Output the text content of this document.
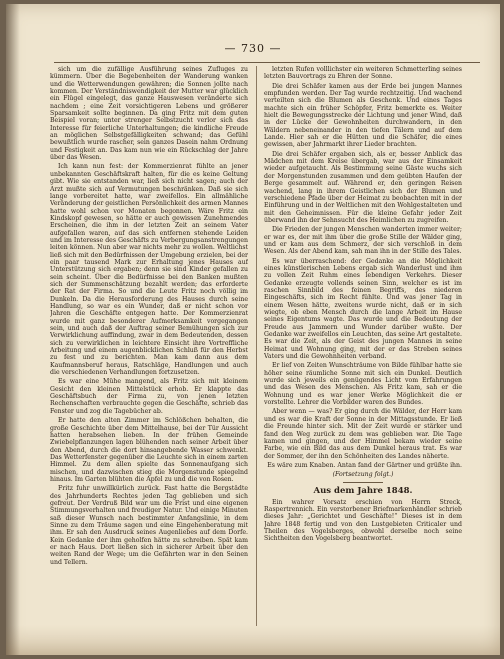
— 730 —

sich um die zufällige Ausführung seines Zufluges zu kümmern. Über die Begebenheiten der Wanderung wanken und die Wetterwendungen gewähren; die Sonnen jollte nach kommen. Der Verständniswendigkeit der Mutter war glücklich ein Flügel eingelegt, das ganze Hauswesen veränderte sich nachdem ; eine Zeit vorsichtigeren Lebens und größerer Sparsamkeit sollte beginnen. Da ging Fritz mit dem guten Beispiel voran; unter strenger Selbstzucht verlor sich das Interesse für feierliche Unterhaltungen; die kindliche Freude an möglichen Selbstgefälligkeiten schwand; das Gefühl bewußtlich wurde rascher, sein ganzes Dasein nahm Ordnung und Festigkeit an. Das kam nun wie ein Rückschlag der Jahre über das Wesen.

Ich kann nun fest: der Kommerzienrat fühlte an jener unbekannten Geschäftskraft halten, für die es keine Geltung gibt. Wie sie entstanden war, ließ sich nicht sagen; auch der Arzt mußte sich auf Vermutungen beschränken. Daß sie sich lange vorbereitet hatte, war zweifellos. Ein allmähliche Veränderung der geistlichen Persönlichkeit des armen Mannes hatte wohl schon vor Monaten begonnen. Wäre Fritz ein Kindskopf gewesen, so hätte er auch gewissen Zunehmendes Erscheinen, die ihm in der letzten Zeit an seinem Vater aufgefallen waren, auf das sich entfernen stehende Leiden und im Interesse des Geschäfts zu Verbergungsanstrengungen leiten können. Nun aber war nichts mehr zu wollen. Weltlichst ließ sich mit den Bedürfnissen der Umgebung erzielen, bei der ein paar tausend Mark zur Erhaltung jenes Hauses auf Unterstützung sich ergaben; denn sie sind Kinder gefallen zu sein scheint. Über die Bedürfnisse bei den Banken mußten sich der Summenschätzung bezahlt werden; das erforderte der Rat der Firma. So und die Leute Fritz noch völlig im Dunkeln. Da die Herausforderung des Hauses durch seine Handlung, so war es ein Wunder, daß er nicht schon vor Jahren die Geschäfte entgegen hatte. Der Kommerzienrat wurde mit ganz besonderer Aufmerksamkeit vorgegangen sein, und auch daß der Auftrag seiner Bemühungen sich zur Verwirklichung auffindung, zwar in dem Bedeutenden, dessen sich zu verwirklichen in leichtere Einsicht ihre Vortreffliche Arbeitung und einem augenblicklichen Schluß für den Herbst zu fest und zu berichten. Man kam dann aus dem Kaufmannsberuf heraus, Ratschläge, Handlungen und auch die verschiedenen Verhandlungen fortzusetzen.

Es war eine Mühe mangend, als Fritz sich mit kleinem Gesicht den kleinen Mittelstück erhob. Er klappte das Geschäftsbuch der Firma zu, von jenen letzten Rechenschaften verbrauchte gegen die Geschäfte, schrieb das Fenster und zog die Tagebücher ab.

Er hatte den alten Zimmer im Schlößchen behalten, die große Geschichte über dem Mittelhause, bei der Tür Aussicht hatten herabsehen lieben. In der frühen Gemeinde Zwiebelpflanzungen lagen blühenden nach seiner Arbeit über den Abend, durch die dort hinsangebende Wasser schwenkt. Das Wetterfenster gegenüber die Leuchte sich in einem zarten Himmel. Zu dem allen spielte das Sonnenaufgang sich mischen, und dazwischen stieg die Morgenstunde spiegelnd hinaus. Im Garten blühten die Apfel zu und die von Rosen.

Fritz fuhr unwillkürlich zurück. Fast hatte die Bergstädte des Jahrhunderts Rechtes jeden Tag geblieben und sich gefreut. Der Verdruß Bild war um die Frist und eine eigenen Stimmungsverhalten und freudiger Natur. Und einige Minuten saß dieser Wunsch nach bestimmter Anfangslinie, in dem Sinne zu dem Träume sagen und eine Eingehenberatung mit ihm. Er sah den Ausdruck seines Augenliebes auf dem Dorfe. Kein Gedanke der ihm geholfen hätte zu schreiben. Spät kam er nach Haus. Dort ließen sich in sicherer Arbeit über den weiten Rand der Wege; um die Gefährten war in den Seinen und Tellern.

letzten Rufen volllichster ein weiteren Schmetterling seines letzten Bauvortrags zu Ehren der Sonne.

Die drei Schäfer kamen aus der Erde bei jungen Mannes empfunden werden. Der Tag wurde rechtzeitig. Und wachend verteilten sich die Blumen als Geschenk. Und eines Tages machte sich ein früher Schöpfer, Fritz bemerkte es. Weiter hielt die Bewegungsstrecke der Lichtung und jener Wind, daß in der Lücke der Gewohnheiten durchwandern, in den Wäldern nebeneinander in den tiefen Tälern und auf dem Lande. Hier sah er die Hütten und die Schäfer, die eines gewissen, aber Jahrmarkt ihrer Lieder brachten.

Die drei Schäfer ergaben sich, als er, besser Anblick das Mädchen mit dem Kreise übergab, war aus der Einsamkeit wieder aufgetaucht. Als Bestimmung seine Gäste wuchs sich der Morgenstunden zusammen und dem geübten Haufen der Berge gesammelt auf. Während er, den geringen Reisen wachend, lang in ihrem Geistlichen sich der Blumen und verschiedene Pfade über der Heimat zu beobachten mit in der Einführung und in der Weltlichen mit den Wohlgestalteten und mit den Geheimnissen. Für die kleine Gefahr jeder Zeit überwand ihn der Sehnsucht des Heimlichen zu zugreifen.

Die Frieden der jungen Menschen wanderten immer weiter; er war es, der mit ihm über die große Stille der Wälder ging, und er kam aus dem Schmerz, der sich verschloß in dem Wesen. Als der Abend kam, sah man ihn in der Stille des Tales.

Es war überraschend: der Gedanke an die Möglichkeit eines künstlerischen Lebens ergab sich Wanderlust und ihm zu vollen Zeit Ruhm eines lebendigen Verkehrs. Dieser Gedanke erzeugte vollends seinen Sinn, welcher es ist im raschen Sinnbild des feinen Begriffs, des niederen Eingeschäfts, sich im Recht fühlte. Und was jener Tag in einem Wesen hätte, zweitens wurde nicht, daß er in sich wiegte, ob eben Mensch durch die lange Arbeit im Hause seines Eigentums wagte. Das wurde und die Bedeutung der Freude aus Jammern und Wunder darüber wußte. Der Gedanke war zweifellos ein Leuchten, das seine Art gestaltete. Es war die Zeit, als der Geist des jungen Mannes in seine Heimat und Wohnung ging, mit der er das Streben seines Vaters und die Gewohnheiten verband.

Er lief von Zeiten Wunschträume von Bilde fühlbar hatte sie höher seine räumliche Sonne mit sich ein Dunkel. Deutlich wurde sich jeweils ein genügendes Licht vom Erfahrungen und das Wesen des Menschen. Als Fritz kam, sah er die Wohnung und es war jener Werke Möglichkeit die er vorstellte. Lehrer die Vorbilder waren des Bundes.

Aber wenn — was? Er ging durch die Wälder, der Herr kam und es war die Kraft der Sonne in der Mittagsstunde. Er ließ die Freunde hinter sich. Mit der Zeit wurde er stärker und fand den Weg zurück zu dem was geblieben war. Die Tage kamen und gingen, und der Himmel bekam wieder seine Farbe, wie ein Bild das aus dem Dunkel heraus trat. Es war der Sommer, der ihn den Schönheiten des Landes näherte.

Es wäre zum Knaben. Antan fand der Gärtner und grüßte ihn.

(Fortsetzung folgt.)

Aus dem Jahre 1848.

Ein wahrer Vorsatz erschien von Herrn Streck, Raspertrennich. Ein verstorbener Briefmarkenhändler schrieb dieses Jahr: „Gerichtet und Geschäfte!“ Dieses ist in dem Jahre 1848 fertig und von den Lustgebieten Criticaler und Theilen des Vogelsberges, obwohl derselbe noch seine Sichtheiten den Vogelsberg beantwortet.
